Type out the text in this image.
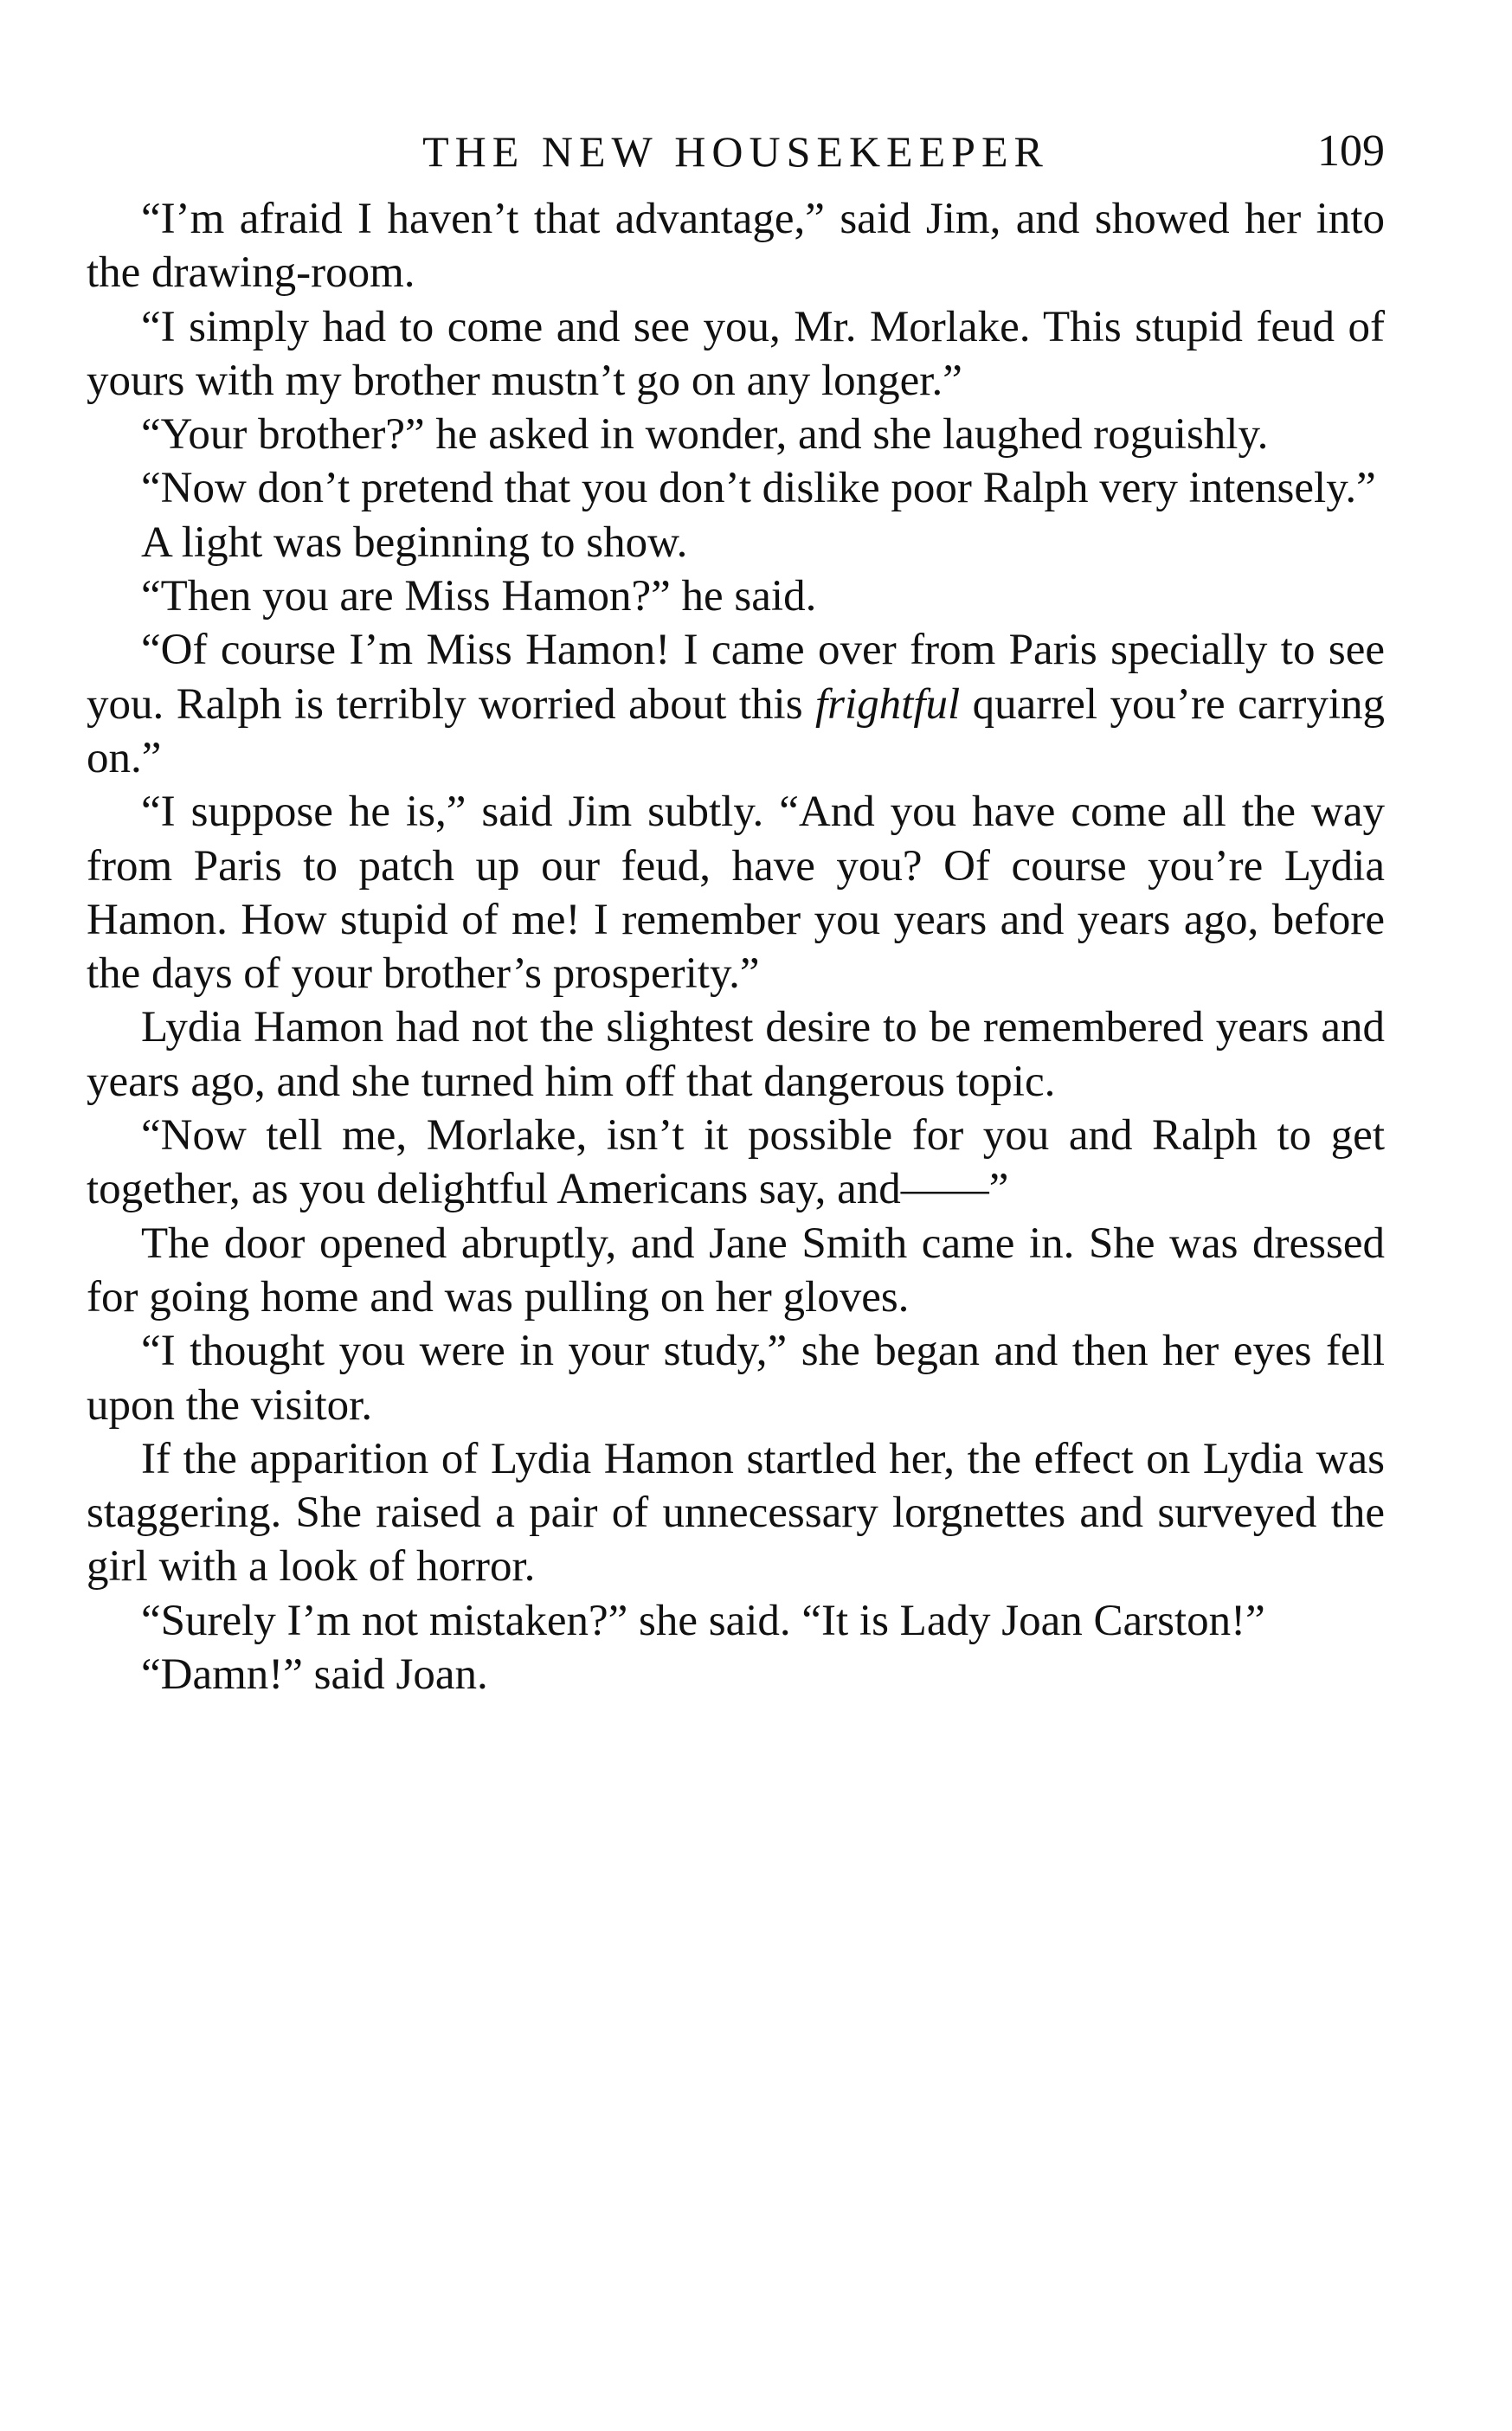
THE NEW HOUSEKEEPER	109

“I’m afraid I haven’t that advantage,” said Jim, and showed her into the drawing-room.

“I simply had to come and see you, Mr. Morlake. This stupid feud of yours with my brother mustn’t go on any longer.”

“Your brother?” he asked in wonder, and she laughed roguishly.

“Now don’t pretend that you don’t dislike poor Ralph very intensely.”

A light was beginning to show.

“Then you are Miss Hamon?” he said.

“Of course I’m Miss Hamon! I came over from Paris specially to see you. Ralph is terribly worried about this frightful quarrel you’re carrying on.”

“I suppose he is,” said Jim subtly. “And you have come all the way from Paris to patch up our feud, have you? Of course you’re Lydia Hamon. How stupid of me! I remember you years and years ago, before the days of your brother’s prosperity.”

Lydia Hamon had not the slightest desire to be remembered years and years ago, and she turned him off that dangerous topic.

“Now tell me, Morlake, isn’t it possible for you and Ralph to get together, as you delightful Americans say, and——”

The door opened abruptly, and Jane Smith came in. She was dressed for going home and was pulling on her gloves.

“I thought you were in your study,” she began and then her eyes fell upon the visitor.

If the apparition of Lydia Hamon startled her, the effect on Lydia was staggering. She raised a pair of unnecessary lorgnettes and surveyed the girl with a look of horror.

“Surely I’m not mistaken?” she said. “It is Lady Joan Carston!”

“Damn!” said Joan.
